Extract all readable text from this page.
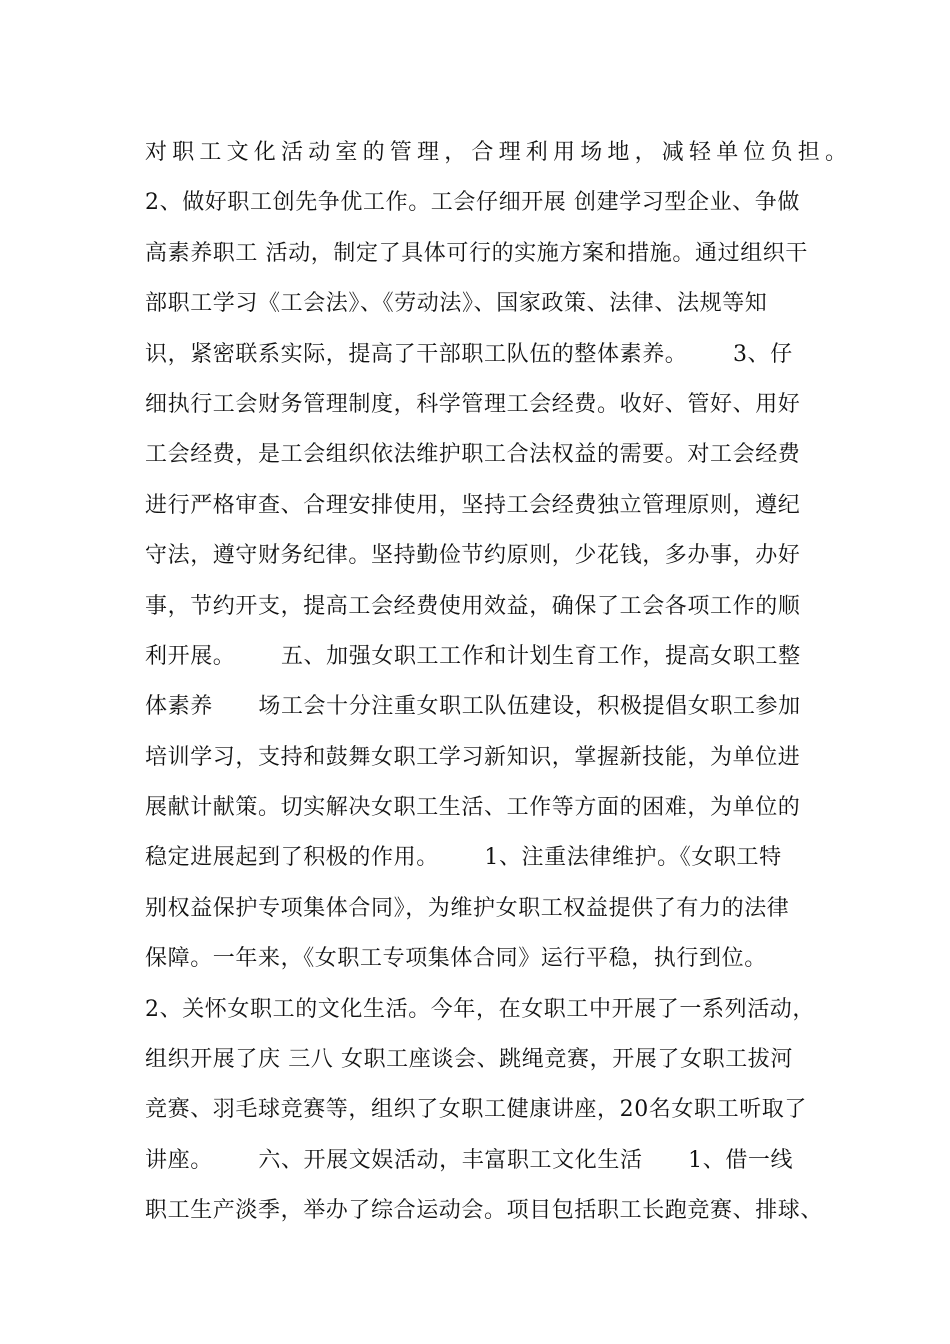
对职工文化活动室的管理，合理利用场地，减轻单位负担。
2、做好职工创先争优工作。工会仔细开展 创建学习型企业、争做
高素养职工 活动，制定了具体可行的实施方案和措施。通过组织干
部职工学习《工会法》、《劳动法》、国家政策、法律、法规等知
识，紧密联系实际，提高了干部职工队伍的整体素养。      3、仔
细执行工会财务管理制度，科学管理工会经费。收好、管好、用好
工会经费，是工会组织依法维护职工合法权益的需要。对工会经费
进行严格审查、合理安排使用，坚持工会经费独立管理原则，遵纪
守法，遵守财务纪律。坚持勤俭节约原则，少花钱，多办事，办好
事，节约开支，提高工会经费使用效益，确保了工会各项工作的顺
利开展。      五、加强女职工工作和计划生育工作，提高女职工整
体素养      场工会十分注重女职工队伍建设，积极提倡女职工参加
培训学习，支持和鼓舞女职工学习新知识，掌握新技能，为单位进
展献计献策。切实解决女职工生活、工作等方面的困难，为单位的
稳定进展起到了积极的作用。      1、注重法律维护。《女职工特
别权益保护专项集体合同》，为维护女职工权益提供了有力的法律
保障。一年来，《女职工专项集体合同》运行平稳，执行到位。
2、关怀女职工的文化生活。今年，在女职工中开展了一系列活动，
组织开展了庆 三八 女职工座谈会、跳绳竞赛，开展了女职工拔河
竞赛、羽毛球竞赛等，组织了女职工健康讲座，20名女职工听取了
讲座。      六、开展文娱活动，丰富职工文化生活      1、借一线
职工生产淡季，举办了综合运动会。项目包括职工长跑竞赛、排球、
